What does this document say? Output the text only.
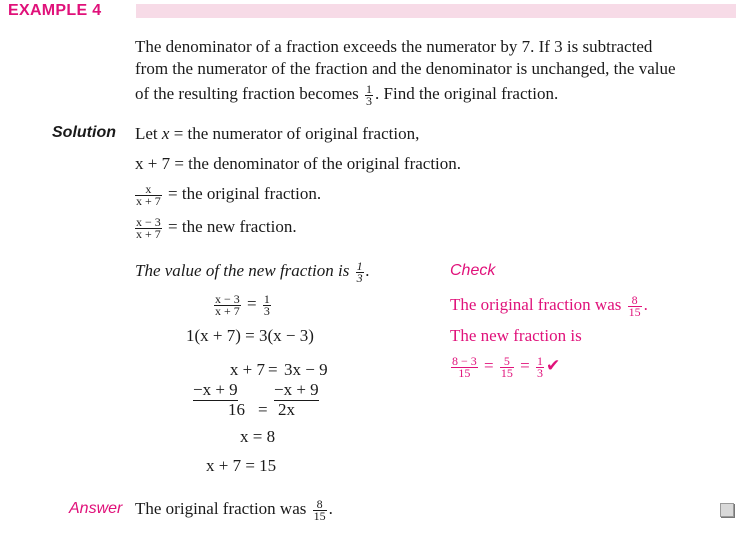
EXAMPLE 4
The denominator of a fraction exceeds the numerator by 7. If 3 is subtracted
from the numerator of the fraction and the denominator is unchanged, the value
of the resulting fraction becomes $\frac{1}{3}$ . Find the original fraction.
Solution Let x = the numerator of original fraction,
x + 7 = the denominator of the original fraction.
$\frac{x}{x + 7}$ = the original fraction.
$\frac{x - 3}{x + 7}$ = the new fraction.
The value of the new fraction is $\frac{1}{3}$ .
$\frac{x - 3}{x + 7} = \frac{1}{3}$
1(x + 7) = 3(x − 3)
x + 7 = 3x − 9
−x + 9 −x + 9
16 = 2x
x = 8
x + 7 = 15
Check
The original fraction was $\frac{8}{15}$ .
The new fraction is
$\frac{8 - 3}{15} = \frac{5}{15} = \frac{1}{3}$ ✔
Answer The original fraction was $\frac{8}{15}$ .
